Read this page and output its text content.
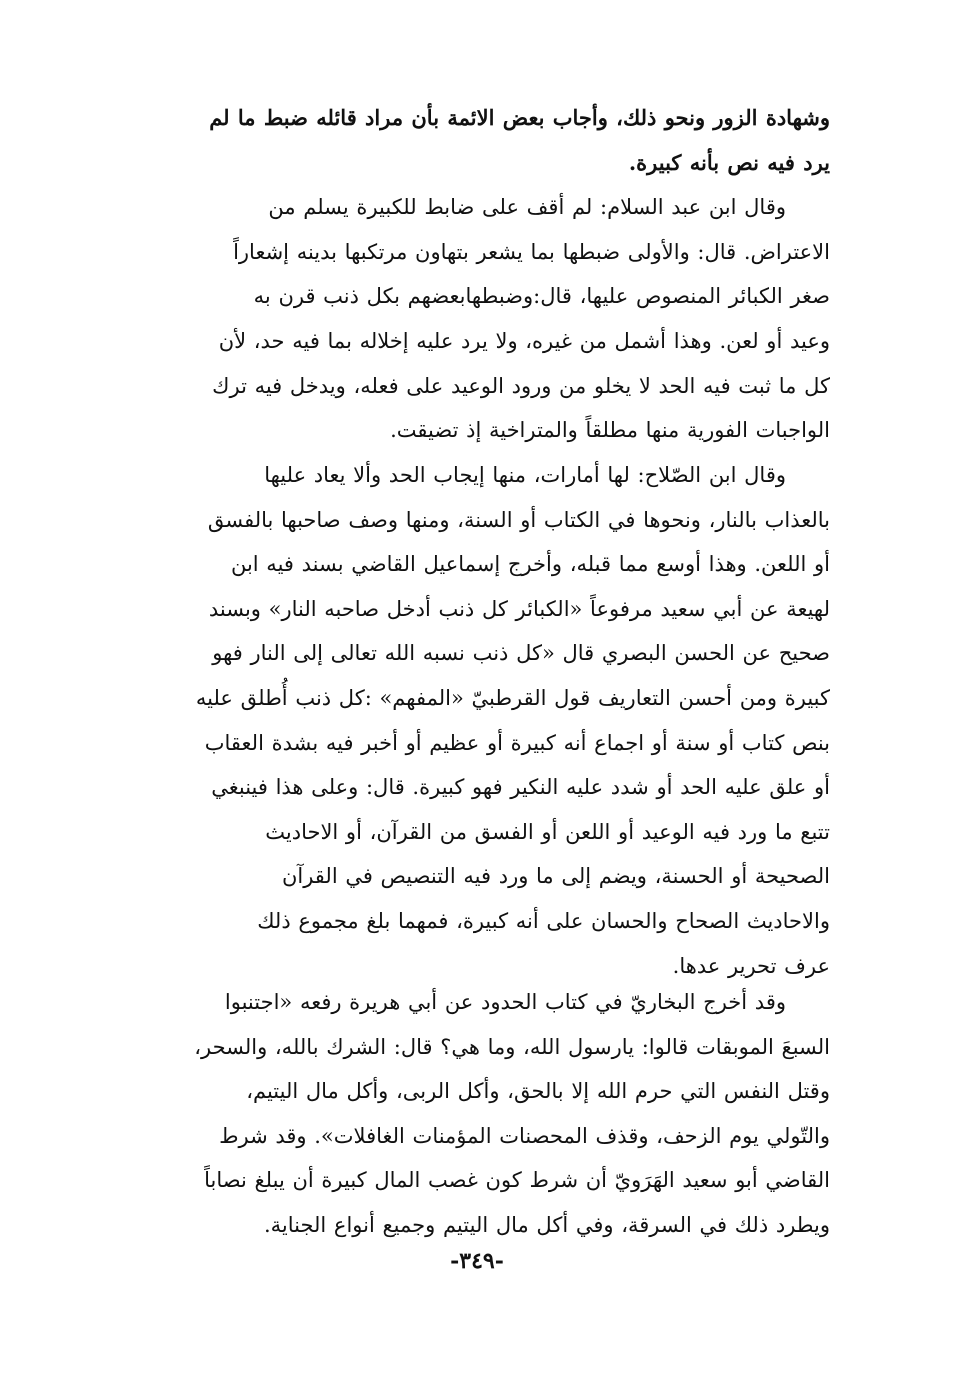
وشهادة الزور ونحو ذلك، وأجاب بعض الائمة بأن مراد قائله ضبط ما لم

يرد فيه نص بأنه كبيرة.

وقال ابن عبد السلام: لم أقف على ضابط للكبيرة يسلم من

الاعتراض. قال: والأولى ضبطها بما يشعر بتهاون مرتكبها بدينه إشعاراً

صغر الكبائر المنصوص عليها، قال:وضبطهابعضهم بكل ذنب قرن به

وعيد أو لعن. وهذا أشمل من غيره، ولا يرد عليه إخلاله بما فيه حد، لأن

كل ما ثبت فيه الحد لا يخلو من ورود الوعيد على فعله، ويدخل فيه ترك

الواجبات الفورية منها مطلقاً والمتراخية إذ تضيقت.

وقال ابن الصّلاح: لها أمارات، منها إيجاب الحد وألا يعاد عليها

بالعذاب بالنار، ونحوها في الكتاب أو السنة، ومنها وصف صاحبها بالفسق

أو اللعن. وهذا أوسع مما قبله، وأخرج إسماعيل القاضي بسند فيه ابن

لهيعة عن أبي سعيد مرفوعاً «الكبائر كل ذنب أدخل صاحبه النار» وبسند

صحيح عن الحسن البصري قال «كل ذنب نسبه الله تعالى إلى النار فهو

كبيرة ومن أحسن التعاريف قول القرطبيّ «المفهم» :كل ذنب أُطلق عليه

بنص كتاب أو سنة أو اجماع أنه كبيرة أو عظيم أو أخبر فيه بشدة العقاب

أو علق عليه الحد أو شدد عليه النكير فهو كبيرة. قال: وعلى هذا فينبغي

تتبع ما ورد فيه الوعيد أو اللعن أو الفسق من القرآن، أو الاحاديث

الصحيحة أو الحسنة، ويضم إلى ما ورد فيه التنصيص في القرآن

والاحاديث الصحاح والحسان على أنه كبيرة، فمهما بلغ مجموع ذلك

عرف تحرير عدها.

وقد أخرج البخاريّ في كتاب الحدود عن أبي هريرة رفعه «اجتنبوا

السبعَ الموبقات قالوا: يارسول الله، وما هي؟ قال: الشرك بالله، والسحر،

وقتل النفس التي حرم الله إلا بالحق، وأكل الربى، وأكل مال اليتيم،

والتّولي يوم الزحف، وقذف المحصنات المؤمنات الغافلات». وقد شرط

القاضي أبو سعيد الهَرَويّ أن شرط كون غصب المال كبيرة أن يبلغ نصاباً

ويطرد ذلك في السرقة، وفي أكل مال اليتيم وجميع أنواع الجناية.

-٣٤٩-
